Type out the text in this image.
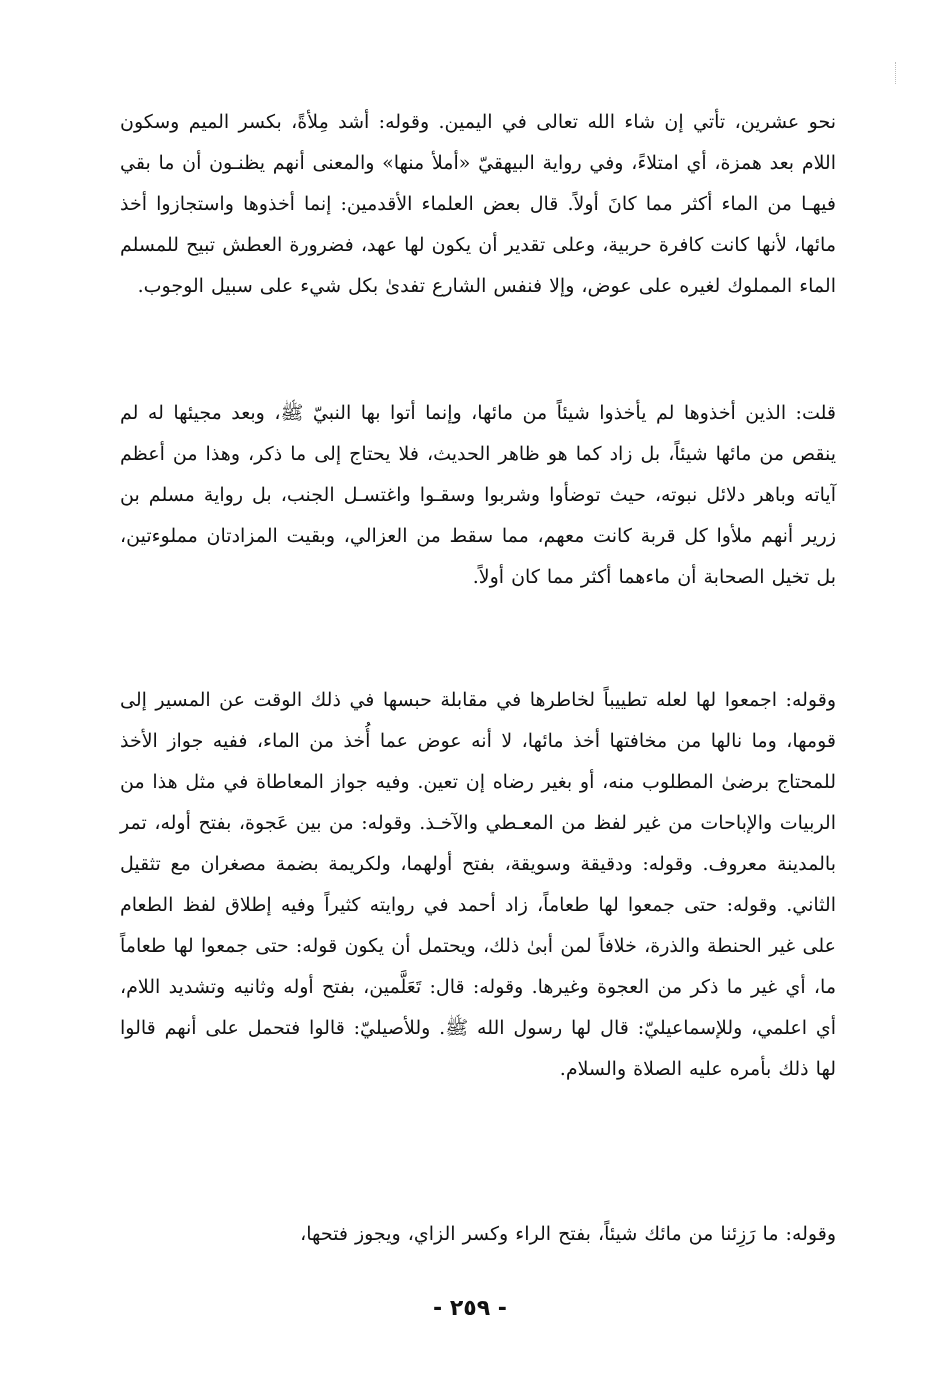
نحو عشرين، تأتي إن شاء الله تعالى في اليمين. وقوله: أشد مِلأةً، بكسر الميم وسكون اللام بعد همزة، أي امتلاءً، وفي رواية البيهقيّ «أملأ منها» والمعنى أنهم يظنـون أن ما بقي فيهـا من الماء أكثر مما كانَ أولاً. قال بعض العلماء الأقدمين: إنما أخذوها واستجازوا أخذ مائها، لأنها كانت كافرة حربية، وعلى تقدير أن يكون لها عهد، فضرورة العطش تبيح للمسلم الماء المملوك لغيره على عوض، وإلا فنفس الشارع تفدىٰ بكل شيء على سبيل الوجوب.

قلت: الذين أخذوها لم يأخذوا شيئاً من مائها، وإنما أتوا بها النبيّ ﷺ، وبعد مجيئها له لم ينقص من مائها شيئاً، بل زاد كما هو ظاهر الحديث، فلا يحتاج إلى ما ذكر، وهذا من أعظم آياته وباهر دلائل نبوته، حيث توضأوا وشربوا وسقـوا واغتسـل الجنب، بل رواية مسلم بن زرير أنهم ملأوا كل قربة كانت معهم، مما سقط من العزالي، وبقيت المزادتان مملوءتين، بل تخيل الصحابة أن ماءهما أكثر مما كان أولاً.

وقوله: اجمعوا لها لعله تطييباً لخاطرها في مقابلة حبسها في ذلك الوقت عن المسير إلى قومها، وما نالها من مخافتها أخذ مائها، لا أنه عوض عما أُخذ من الماء، ففيه جواز الأخذ للمحتاج برضىٰ المطلوب منه، أو بغير رضاه إن تعين. وفيه جواز المعاطاة في مثل هذا من الربيات والإباحات من غير لفظ من المعـطي والآخـذ. وقوله: من بين عَجوة، بفتح أوله، تمر بالمدينة معروف. وقوله: ودقيقة وسويقة، بفتح أولهما، ولكريمة بضمة مصغران مع تثقيل الثاني. وقوله: حتى جمعوا لها طعاماً، زاد أحمد في روايته كثيراً وفيه إطلاق لفظ الطعام على غير الحنطة والذرة، خلافاً لمن أبىٰ ذلك، ويحتمل أن يكون قوله: حتى جمعوا لها طعاماً ما، أي غير ما ذكر من العجوة وغيرها. وقوله: قال: تَعَلَّمين، بفتح أوله وثانيه وتشديد اللام، أي اعلمي، وللإسماعيليّ: قال لها رسول الله ﷺ. وللأصيليّ: قالوا فتحمل على أنهم قالوا لها ذلك بأمره عليه الصلاة والسلام.

وقوله: ما رَزِئنا من مائك شيئاً، بفتح الراء وكسر الزاي، ويجوز فتحها،

- ٢٥٩ -
